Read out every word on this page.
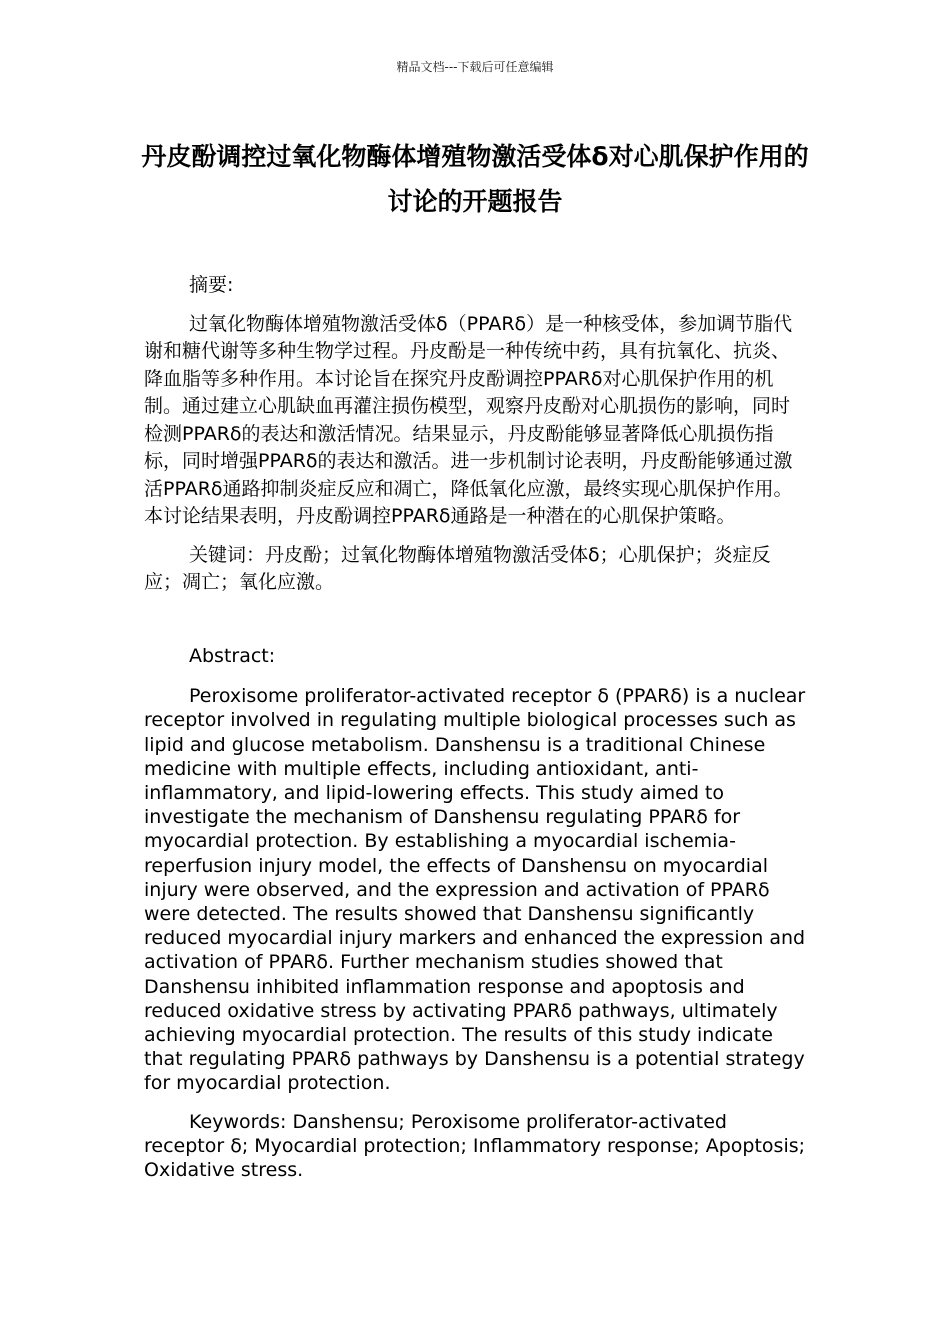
精品文档---下载后可任意编辑
丹皮酚调控过氧化物酶体增殖物激活受体δ对心肌保护作用的讨论的开题报告

摘要:

过氧化物酶体增殖物激活受体δ（PPARδ）是一种核受体，参加调节脂代谢和糖代谢等多种生物学过程。丹皮酚是一种传统中药，具有抗氧化、抗炎、降血脂等多种作用。本讨论旨在探究丹皮酚调控PPARδ对心肌保护作用的机制。通过建立心肌缺血再灌注损伤模型，观察丹皮酚对心肌损伤的影响，同时检测PPARδ的表达和激活情况。结果显示，丹皮酚能够显著降低心肌损伤指标，同时增强PPARδ的表达和激活。进一步机制讨论表明，丹皮酚能够通过激活PPARδ通路抑制炎症反应和凋亡，降低氧化应激，最终实现心肌保护作用。本讨论结果表明，丹皮酚调控PPARδ通路是一种潜在的心肌保护策略。

关键词：丹皮酚；过氧化物酶体增殖物激活受体δ；心肌保护；炎症反应；凋亡；氧化应激。

Abstract:

Peroxisome proliferator-activated receptor δ (PPARδ) is a nuclear receptor involved in regulating multiple biological processes such as lipid and glucose metabolism. Danshensu is a traditional Chinese medicine with multiple effects, including antioxidant, anti-inflammatory, and lipid-lowering effects. This study aimed to investigate the mechanism of Danshensu regulating PPARδ for myocardial protection. By establishing a myocardial ischemia-reperfusion injury model, the effects of Danshensu on myocardial injury were observed, and the expression and activation of PPARδ were detected. The results showed that Danshensu significantly reduced myocardial injury markers and enhanced the expression and activation of PPARδ. Further mechanism studies showed that Danshensu inhibited inflammation response and apoptosis and reduced oxidative stress by activating PPARδ pathways, ultimately achieving myocardial protection. The results of this study indicate that regulating PPARδ pathways by Danshensu is a potential strategy for myocardial protection.

Keywords: Danshensu; Peroxisome proliferator-activated receptor δ; Myocardial protection; Inflammatory response; Apoptosis; Oxidative stress.
